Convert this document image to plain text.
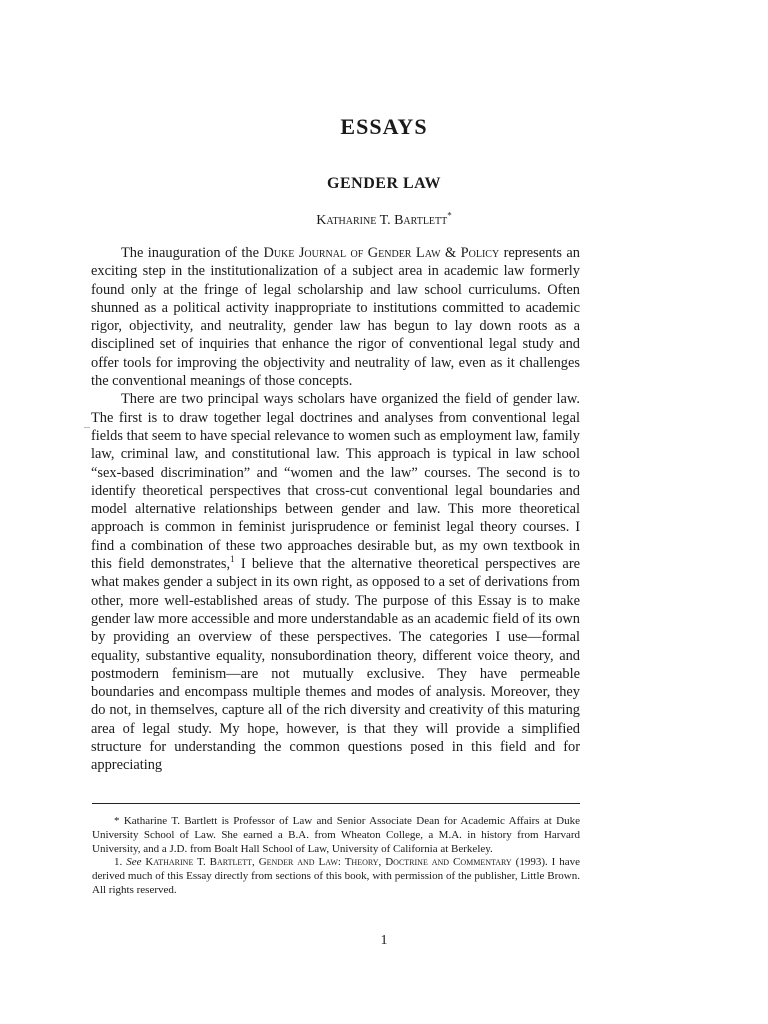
ESSAYS
GENDER LAW
Katharine T. Bartlett*

The inauguration of the Duke Journal of Gender Law & Policy represents an exciting step in the institutionalization of a subject area in academic law formerly found only at the fringe of legal scholarship and law school curriculums. Often shunned as a political activity inappropriate to institutions committed to academic rigor, objectivity, and neutrality, gender law has begun to lay down roots as a disciplined set of inquiries that enhance the rigor of conventional legal study and offer tools for improving the objectivity and neutrality of law, even as it challenges the conventional meanings of those concepts.

There are two principal ways scholars have organized the field of gender law. The first is to draw together legal doctrines and analyses from conventional legal fields that seem to have special relevance to women such as employment law, family law, criminal law, and constitutional law. This approach is typical in law school “sex-based discrimination” and “women and the law” courses. The second is to identify theoretical perspectives that cross-cut conventional legal boundaries and model alternative relationships between gender and law. This more theoretical approach is common in feminist jurisprudence or feminist legal theory courses. I find a combination of these two approaches desirable but, as my own textbook in this field demonstrates,$^1$ I believe that the alternative theoretical perspectives are what makes gender a subject in its own right, as opposed to a set of derivations from other, more well-established areas of study. The purpose of this Essay is to make gender law more accessible and more understandable as an academic field of its own by providing an overview of these perspectives. The categories I use—formal equality, substantive equality, nonsubordination theory, different voice theory, and postmodern feminism—are not mutually exclusive. They have permeable boundaries and encompass multiple themes and modes of analysis. Moreover, they do not, in themselves, capture all of the rich diversity and creativity of this maturing area of legal study. My hope, however, is that they will provide a simplified structure for understanding the common questions posed in this field and for appreciating

* Katharine T. Bartlett is Professor of Law and Senior Associate Dean for Academic Affairs at Duke University School of Law. She earned a B.A. from Wheaton College, a M.A. in history from Harvard University, and a J.D. from Boalt Hall School of Law, University of California at Berkeley.

1. See Katharine T. Bartlett, Gender and Law: Theory, Doctrine and Commentary (1993). I have derived much of this Essay directly from sections of this book, with permission of the publisher, Little Brown. All rights reserved.

1
